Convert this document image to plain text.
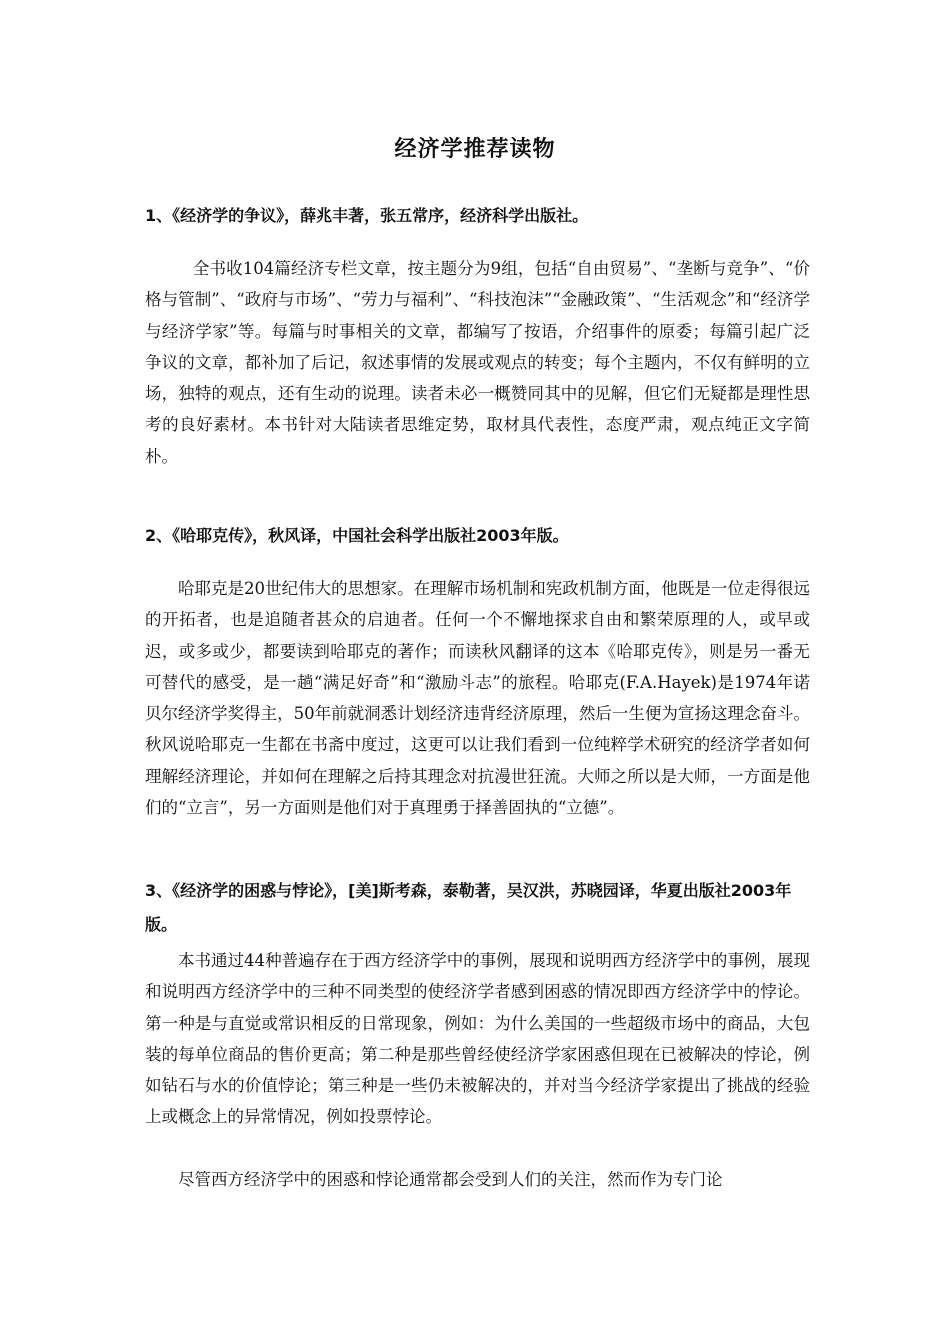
经济学推荐读物

1、《经济学的争议》，薛兆丰著，张五常序，经济科学出版社。

全书收104篇经济专栏文章，按主题分为9组，包括“自由贸易”、“垄断与竞争”、“价格与管制”、“政府与市场”、“劳力与福利”、“科技泡沫”“金融政策”、“生活观念”和“经济学与经济学家”等。每篇与时事相关的文章，都编写了按语，介绍事件的原委；每篇引起广泛争议的文章，都补加了后记，叙述事情的发展或观点的转变；每个主题内，不仅有鲜明的立场，独特的观点，还有生动的说理。读者未必一概赞同其中的见解，但它们无疑都是理性思考的良好素材。本书针对大陆读者思维定势，取材具代表性，态度严肃，观点纯正文字简朴。

2、《哈耶克传》，秋风译，中国社会科学出版社2003年版。

哈耶克是20世纪伟大的思想家。在理解市场机制和宪政机制方面，他既是一位走得很远的开拓者，也是追随者甚众的启迪者。任何一个不懈地探求自由和繁荣原理的人，或早或迟，或多或少，都要读到哈耶克的著作；而读秋风翻译的这本《哈耶克传》，则是另一番无可替代的感受，是一趟“满足好奇”和“激励斗志”的旅程。哈耶克(F.A.Hayek)是1974年诺贝尔经济学奖得主，50年前就洞悉计划经济违背经济原理，然后一生便为宣扬这理念奋斗。秋风说哈耶克一生都在书斋中度过，这更可以让我们看到一位纯粹学术研究的经济学者如何理解经济理论，并如何在理解之后持其理念对抗漫世狂流。大师之所以是大师，一方面是他们的“立言”，另一方面则是他们对于真理勇于择善固执的“立德”。

3、《经济学的困惑与悖论》，[美]斯考森，泰勒著，吴汉洪，苏晓园译，华夏出版社2003年版。

本书通过44种普遍存在于西方经济学中的事例，展现和说明西方经济学中的事例，展现和说明西方经济学中的三种不同类型的使经济学者感到困惑的情况即西方经济学中的悖论。第一种是与直觉或常识相反的日常现象，例如：为什么美国的一些超级市场中的商品，大包装的每单位商品的售价更高；第二种是那些曾经使经济学家困惑但现在已被解决的悖论，例如钻石与水的价值悖论；第三种是一些仍未被解决的，并对当今经济学家提出了挑战的经验上或概念上的异常情况，例如投票悖论。

尽管西方经济学中的困惑和悖论通常都会受到人们的关注，然而作为专门论
